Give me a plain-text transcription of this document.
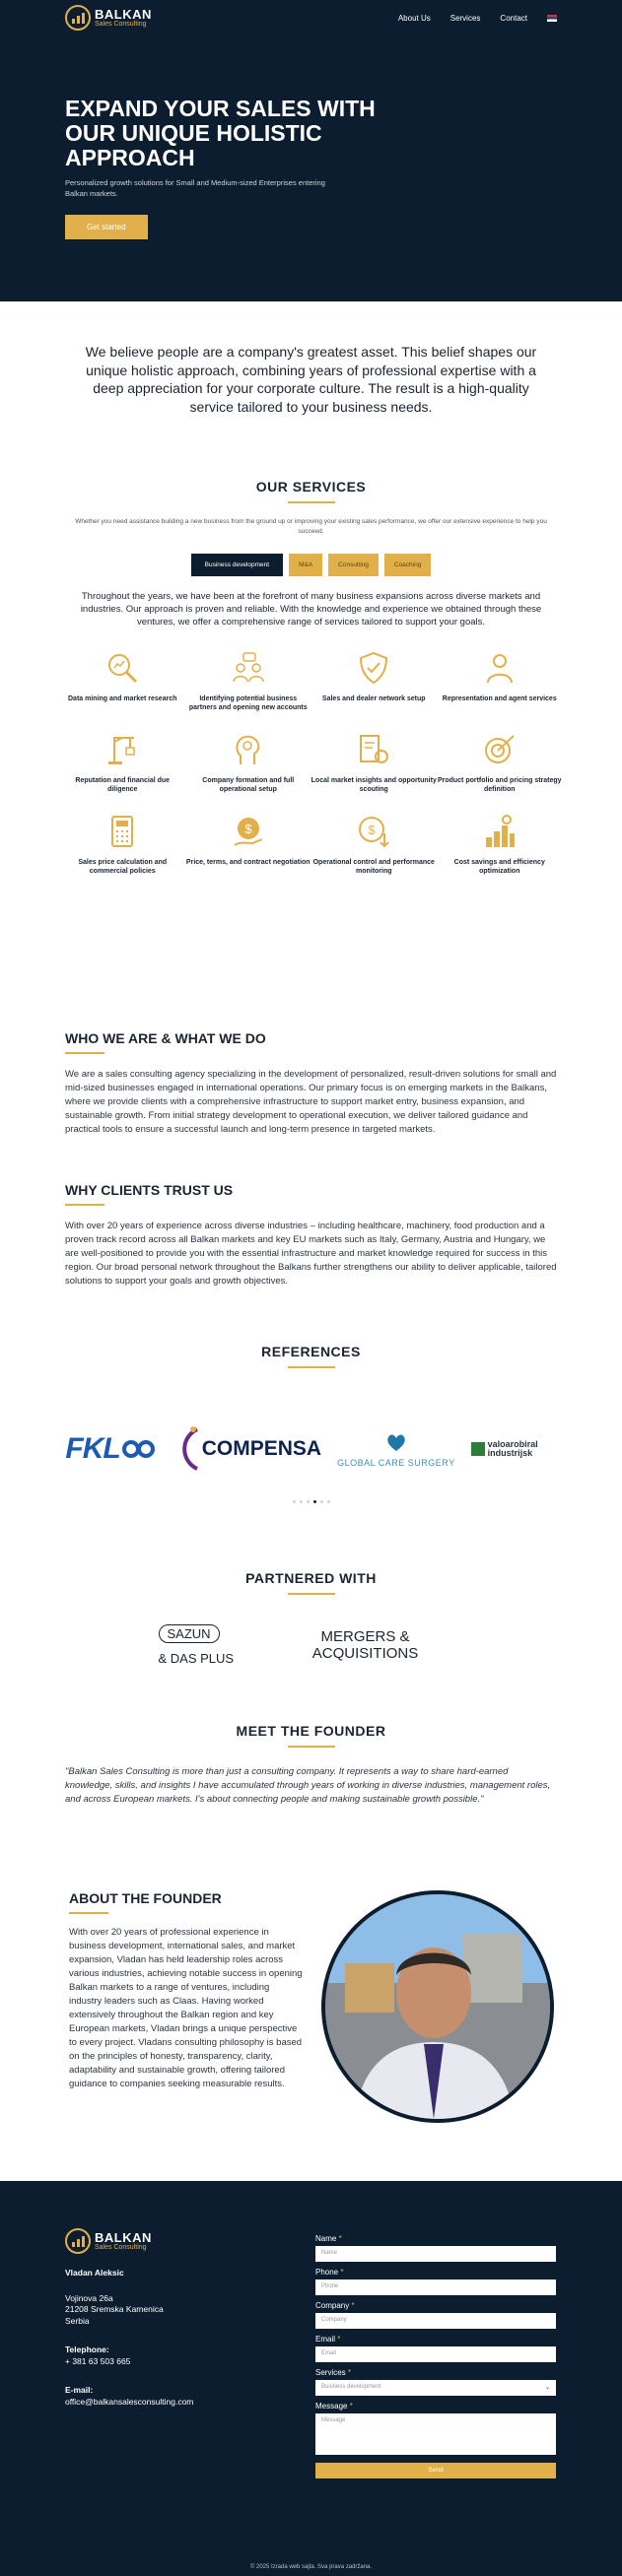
BALKAN
Sales Consulting
About Us	Services	Contact
EXPAND YOUR SALES WITH OUR UNIQUE HOLISTIC APPROACH

Personalized growth solutions for Small and Medium-sized Enterprises entering Balkan markets.

Get started

We believe people are a company's greatest asset. This belief shapes our unique holistic approach, combining years of professional expertise with a deep appreciation for your corporate culture. The result is a high-quality service tailored to your business needs.

OUR SERVICES

Whether you need assistance building a new business from the ground up or improving your existing sales performance, we offer our extensive experience to help you succeed.

Business development	M&A	Consulting	Coaching

Throughout the years, we have been at the forefront of many business expansions across diverse markets and industries. Our approach is proven and reliable. With the knowledge and experience we obtained through these ventures, we offer a comprehensive range of services tailored to support your goals.

Data mining and market research	Identifying potential business partners and opening new accounts
Sales and dealer network setup	Representation and agent services
Reputation and financial due diligence
Company formation and full operational setup
Local market insights and opportunity scouting
Product portfolio and pricing strategy definition
Sales price calculation and commercial policies
$
Price, terms, and contract negotiation
$
Operational control and performance monitoring
Cost savings and efficiency optimization
WHO WE ARE & WHAT WE DO

We are a sales consulting agency specializing in the development of personalized, result-driven solutions for small and mid-sized businesses engaged in international operations. Our primary focus is on emerging markets in the Balkans, where we provide clients with a comprehensive infrastructure to support market entry, business expansion, and sustainable growth. From initial strategy development to operational execution, we deliver tailored guidance and practical tools to ensure a successful launch and long-term presence in targeted markets.

WHY CLIENTS TRUST US

With over 20 years of experience across diverse industries – including healthcare, machinery, food production and a proven track record across all Balkan markets and key EU markets such as Italy, Germany, Austria and Hungary, we are well-positioned to provide you with the essential infrastructure and market knowledge required for success in this region. Our broad personal network throughout the Balkans further strengthens our ability to deliver applicable, tailored solutions to support your goals and growth objectives.

REFERENCES
FKL	COMPENSA
GLOBAL CARE SURGERY
valoarobiral industrijsk
PARTNERED WITH
SAZUN	MERGERS & ACQUISITIONS
& DAS PLUS
MEET THE FOUNDER

"Balkan Sales Consulting is more than just a consulting company. It represents a way to share hard-earned knowledge, skills, and insights I have accumulated through years of working in diverse industries, management roles, and across European markets. I's about connecting people and making sustainable growth possible."

ABOUT THE FOUNDER

With over 20 years of professional experience in business development, international sales, and market expansion, Vladan has held leadership roles across various industries, achieving notable success in opening Balkan markets to a range of ventures, including industry leaders such as Claas. Having worked extensively throughout the Balkan region and key European markets, Vladan brings a unique perspective to every project. Vladans consulting philosophy is based on the principles of honesty, transparency, clarity, adaptability and sustainable growth, offering tailored guidance to companies seeking measurable results.

BALKAN
Sales Consulting
Vladan Aleksic
Vojinova 26a
21208 Sremska Kamenica
Serbia
Telephone:
+ 381 63 503 665
E-mail:
office@balkansalesconsulting.com
Name *
Name
Phone *
Phone
Company *
Company
Email *
Email
Services *
Business development	⌄
Message *
Message
Send
© 2025 Izrada web sajta. Sva prava zadržana.
